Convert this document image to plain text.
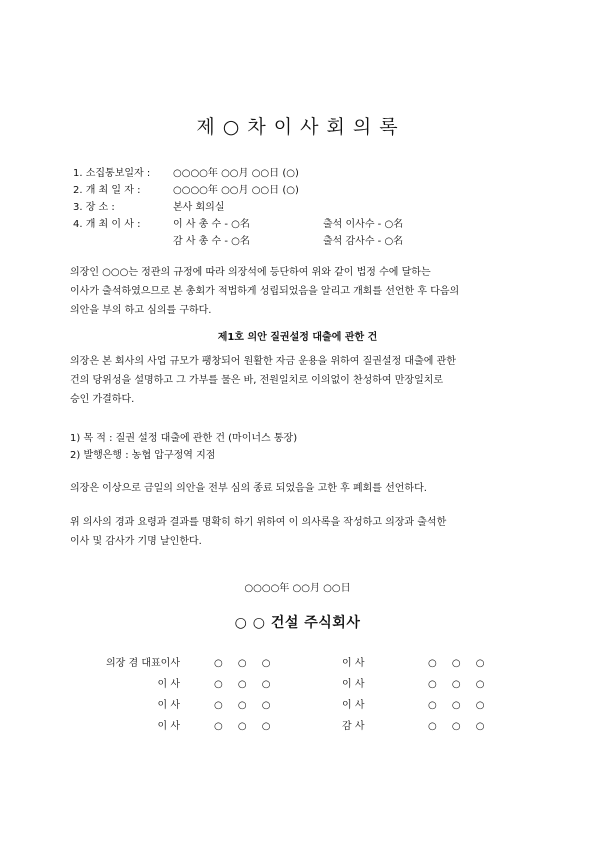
제 ○ 차 이 사 회 의 록
1. 소집통보일자 : ○○○○年 ○○月 ○○日 (○)
2. 개 최 일 자 :	○○○○年 ○○月 ○○日 (○)
3. 장 소 :	본사 회의실
4. 개 최 이 사 :	이 사 총 수 - ○名	출석 이사수 - ○名
감 사 총 수 - ○名	출석 감사수 - ○名
의장인 ○○○는 정관의 규정에 따라 의장석에 등단하여 위와 같이 법정 수에 달하는
이사가 출석하였으므로 본 총회가 적법하게 성립되었음을 알리고 개회를 선언한 후 다음의
의안을 부의 하고 심의를 구하다.
제1호 의안 질권설정 대출에 관한 건
의장은 본 회사의 사업 규모가 팽창되어 원활한 자금 운용을 위하여 질권설정 대출에 관한
건의 당위성을 설명하고 그 가부를 물은 바, 전원일치로 이의없이 찬성하여 만장일치로
승인 가결하다.
1) 목 적 : 질권 설정 대출에 관한 건 (마이너스 통장)
2) 발행은행 : 농협 압구정역 지점
의장은 이상으로 금일의 의안을 전부 심의 종료 되었음을 고한 후 폐회를 선언하다.
위 의사의 경과 요령과 결과를 명확히 하기 위하여 이 의사록을 작성하고 의장과 출석한
이사 및 감사가 기명 날인한다.
○○○○年 ○○月 ○○日
○ ○ 건설 주식회사
의장 겸 대표이사	○ ○ ○	이 사	○ ○ ○
이 사	○ ○ ○	이 사	○ ○ ○
이 사	○ ○ ○	이 사	○ ○ ○
이 사	○ ○ ○	감 사	○ ○ ○
